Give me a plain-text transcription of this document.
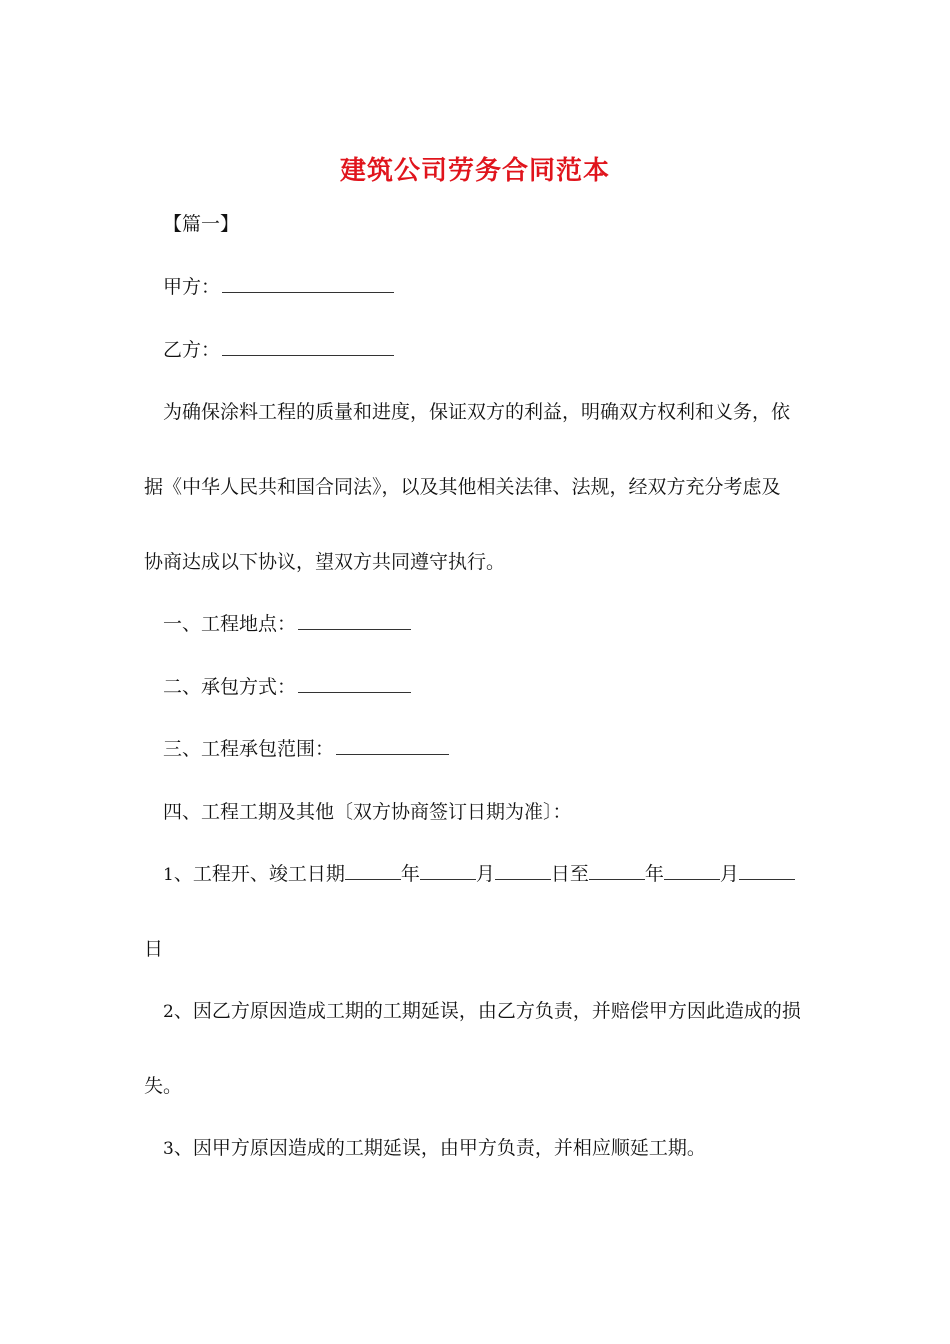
建筑公司劳务合同范本
【篇一】
甲方：
乙方：
为确保涂料工程的质量和进度，保证双方的利益，明确双方权利和义务，依
据《中华人民共和国合同法》，以及其他相关法律、法规，经双方充分考虑及
协商达成以下协议，望双方共同遵守执行。
一、工程地点：
二、承包方式：
三、工程承包范围：
四、工程工期及其他〔双方协商签订日期为准〕：
1、工程开、竣工日期	年	月	日至	年	月
日
2、因乙方原因造成工期的工期延误，由乙方负责，并赔偿甲方因此造成的损
失。
3、因甲方原因造成的工期延误，由甲方负责，并相应顺延工期。
